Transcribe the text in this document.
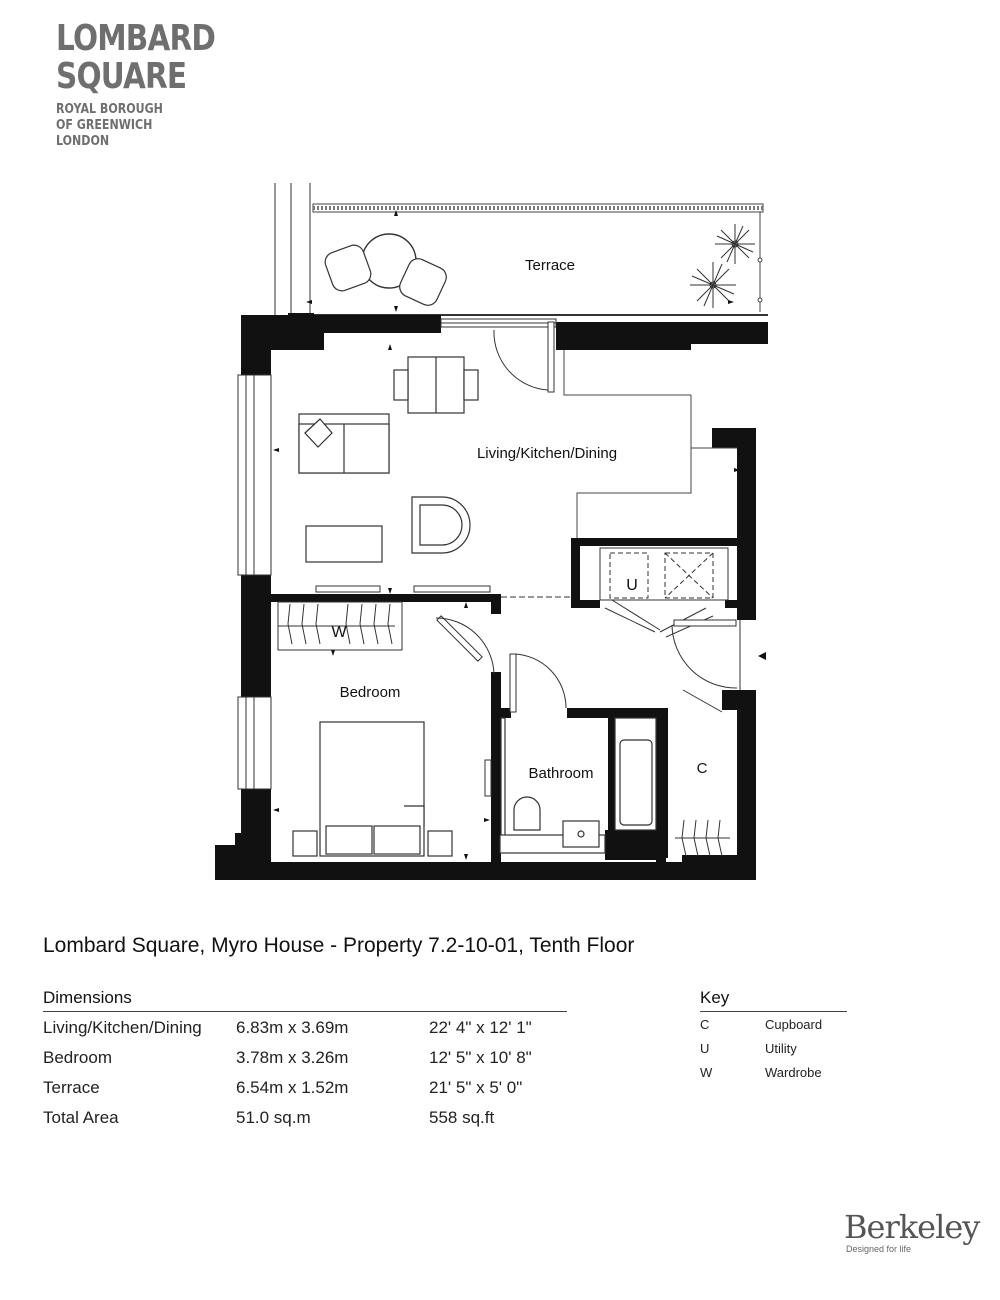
LOMBARD
SQUARE
ROYAL BOROUGH
OF GREENWICH
LONDON
Terrace
Living/Kitchen/Dining
U
W
Bedroom
Bathroom	C
Lombard Square, Myro House - Property 7.2-10-01, Tenth Floor
Dimensions
Living/Kitchen/Dining 6.83m x 3.69m	22' 4" x 12' 1"
Bedroom	3.78m x 3.26m	12' 5" x 10' 8"
Terrace	6.54m x 1.52m	21' 5" x 5' 0"
Total Area	51.0 sq.m	558 sq.ft
Key
C	Cupboard
U	Utility
W	Wardrobe
Berkeley
Designed for life
